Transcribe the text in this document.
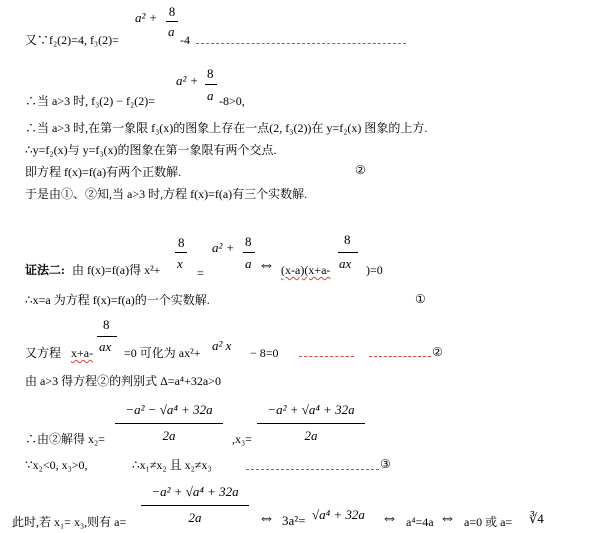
又∵f₂(2)=4, f₃(2)=
a² + 8
a
-4
∴当 a>3 时, f₃(2) − f₂(2)=
a² + 8
a -8>0,
∴当 a>3 时,在第一象限 f₃(x)的图象上存在一点(2, f₃(2))在 y=f₂(x) 图象的上方.
∴y=f₂(x)与 y=f₃(x)的图象在第一象限有两个交点.
即方程 f(x)=f(a)有两个正数解.	②
于是由①、②知,当 a>3 时,方程 f(x)=f(a)有三个实数解.
证法二: 由 f(x)=f(a)得 x²+
8
x
=
a² + 8
a ⇔ (x-a)(x+a-
8
ax )=0
∴x=a 为方程 f(x)=f(a)的一个实数解.	①
又方程 x+a-
8
ax =0 可化为 ax²+ a² x − 8=0	②
由 a>3 得方程②的判别式 Δ=a⁴+32a>0
∴由②解得 x₂=
−a² − √a⁴ + 32a
2a	,x₃=
−a² + √a⁴ + 32a
2a
∵x₂<0, x₃>0,	∴x₁≠x₂ 且 x₂≠x₃	③
此时,若 x₁= x₃,则有 a=
−a² + √a⁴ + 32a
2a	⇔ 3a²= √a⁴ + 32a ⇔ a⁴=4a ⇔ a=0 或 a= ∛4
